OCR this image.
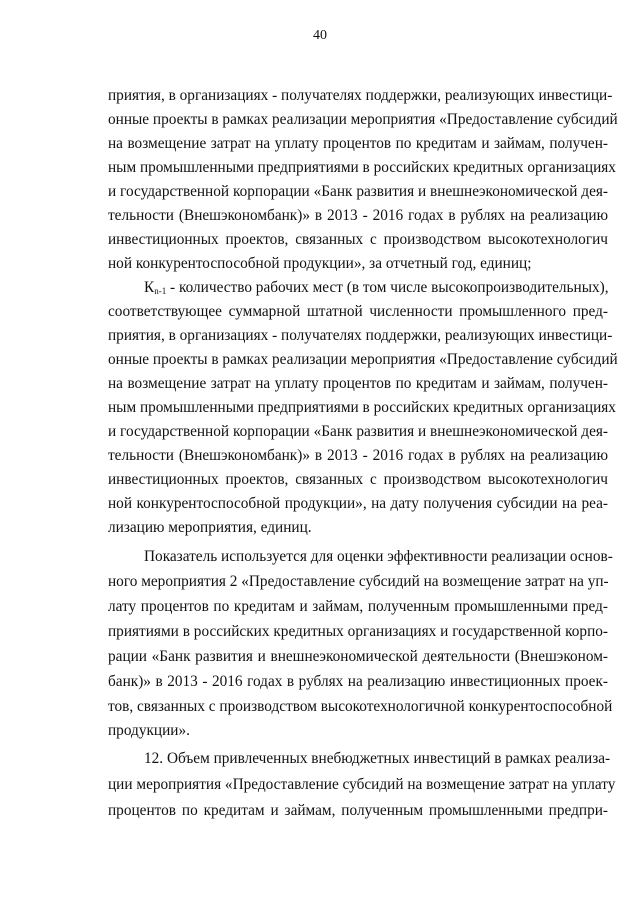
40
приятия, в организациях - получателях поддержки, реализующих инвестици-
онные проекты в рамках реализации мероприятия «Предоставление субсидий
на возмещение затрат на уплату процентов по кредитам и займам, получен-
ным промышленными предприятиями в российских кредитных организациях
и государственной корпорации «Банк развития и внешнеэкономической дея-
тельности (Внешэкономбанк)» в 2013 - 2016 годах в рублях на реализацию
инвестиционных проектов, связанных с производством высокотехнологич
ной конкурентоспособной продукции», за отчетный год, единиц;
$К_{n-1}$ - количество рабочих мест (в том числе высокопроизводительных),
соответствующее суммарной штатной численности промышленного пред-
приятия, в организациях - получателях поддержки, реализующих инвестици-
онные проекты в рамках реализации мероприятия «Предоставление субсидий
на возмещение затрат на уплату процентов по кредитам и займам, получен-
ным промышленными предприятиями в российских кредитных организациях
и государственной корпорации «Банк развития и внешнеэкономической дея-
тельности (Внешэкономбанк)» в 2013 - 2016 годах в рублях на реализацию
инвестиционных проектов, связанных с производством высокотехнологич
ной конкурентоспособной продукции», на дату получения субсидии на реа-
лизацию мероприятия, единиц.
Показатель используется для оценки эффективности реализации основ-
ного мероприятия 2 «Предоставление субсидий на возмещение затрат на уп-
лату процентов по кредитам и займам, полученным промышленными пред-
приятиями в российских кредитных организациях и государственной корпо-
рации «Банк развития и внешнеэкономической деятельности (Внешэконом-
банк)» в 2013 - 2016 годах в рублях на реализацию инвестиционных проек-
тов, связанных с производством высокотехнологичной конкурентоспособной
продукции».
12. Объем привлеченных внебюджетных инвестиций в рамках реализа-
ции мероприятия «Предоставление субсидий на возмещение затрат на уплату
процентов по кредитам и займам, полученным промышленными предпри-
